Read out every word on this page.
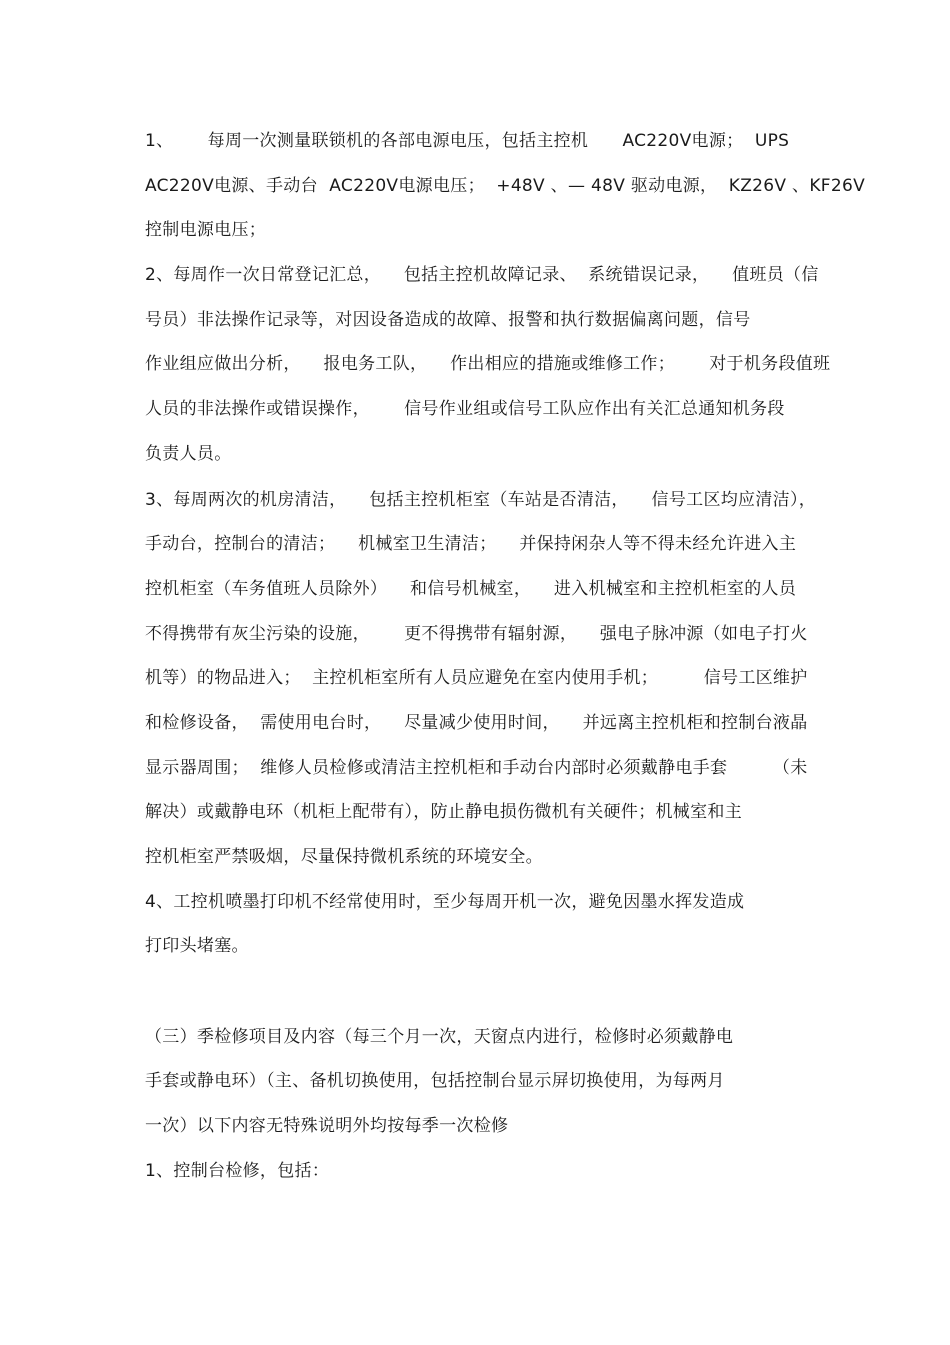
1、      每周一次测量联锁机的各部电源电压，包括主控机      AC220V电源；  UPS
AC220V电源、手动台  AC220V电源电压；  +48V 、— 48V 驱动电源，  KZ26V 、KF26V
控制电源电压；
2、每周作一次日常登记汇总，    包括主控机故障记录、  系统错误记录，    值班员（信
号员）非法操作记录等，对因设备造成的故障、报警和执行数据偏离问题，信号
作业组应做出分析，    报电务工队，    作出相应的措施或维修工作；      对于机务段值班
人员的非法操作或错误操作，      信号作业组或信号工队应作出有关汇总通知机务段
负责人员。
3、每周两次的机房清洁，    包括主控机柜室（车站是否清洁，    信号工区均应清洁），
手动台，控制台的清洁；    机械室卫生清洁；    并保持闲杂人等不得未经允许进入主
控机柜室（车务值班人员除外）    和信号机械室，    进入机械室和主控机柜室的人员
不得携带有灰尘污染的设施，      更不得携带有辐射源，    强电子脉冲源（如电子打火
机等）的物品进入；  主控机柜室所有人员应避免在室内使用手机；        信号工区维护
和检修设备，  需使用电台时，    尽量减少使用时间，    并远离主控机柜和控制台液晶
显示器周围；  维修人员检修或清洁主控机柜和手动台内部时必须戴静电手套        （未
解决）或戴静电环（机柜上配带有），防止静电损伤微机有关硬件；机械室和主
控机柜室严禁吸烟，尽量保持微机系统的环境安全。
4、工控机喷墨打印机不经常使用时，至少每周开机一次，避免因墨水挥发造成
打印头堵塞。
（三）季检修项目及内容（每三个月一次，天窗点内进行，检修时必须戴静电
手套或静电环）（主、备机切换使用，包括控制台显示屏切换使用，为每两月
一次）以下内容无特殊说明外均按每季一次检修
1、控制台检修，包括：
